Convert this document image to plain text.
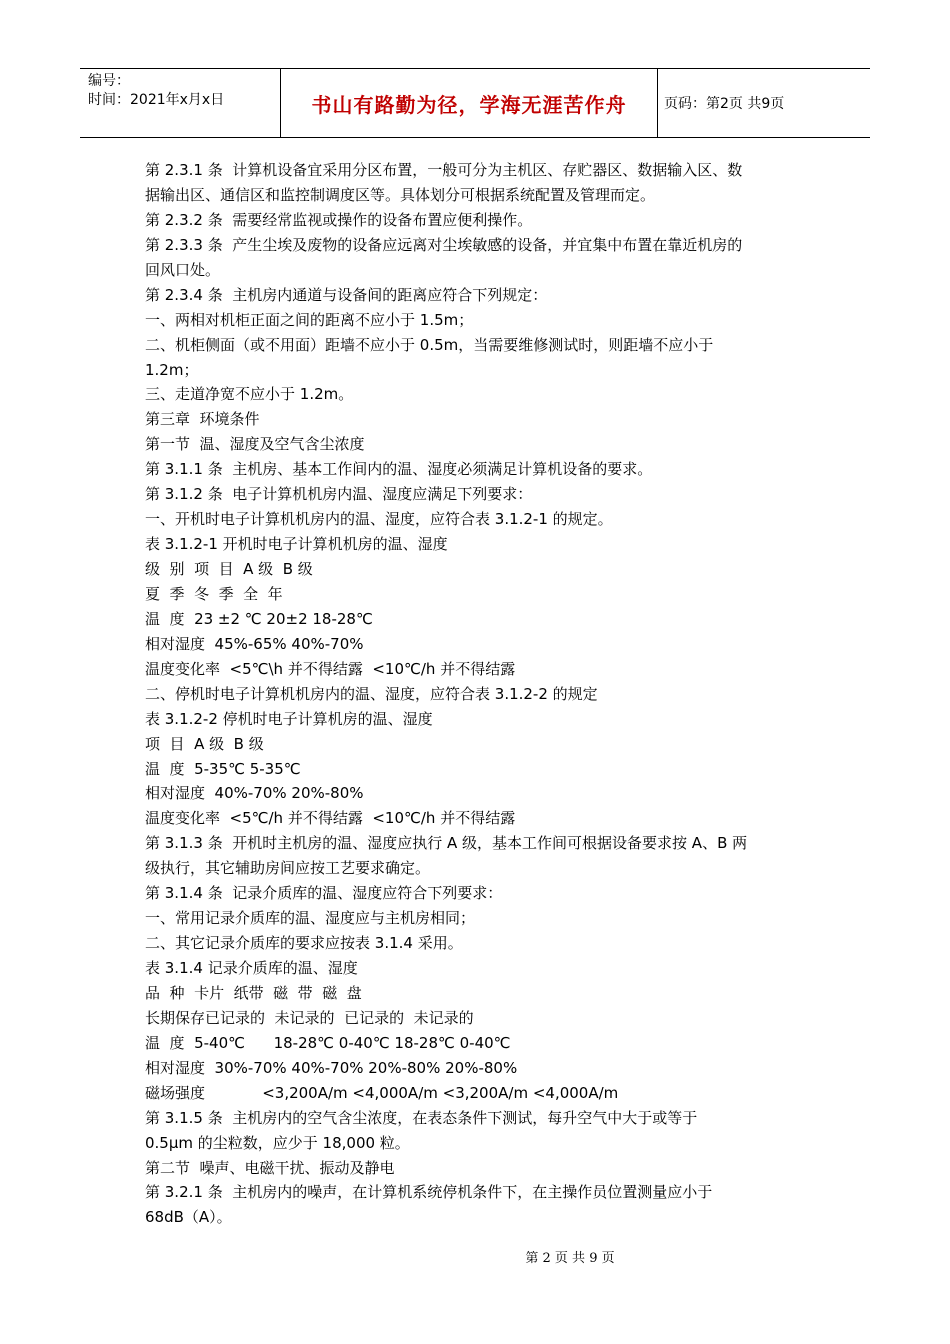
编号：
时间：2021年x月x日	书山有路勤为径，学海无涯苦作舟	页码：第2页 共9页
第 2.3.1 条  计算机设备宜采用分区布置，一般可分为主机区、存贮器区、数据输入区、数
据输出区、通信区和监控制调度区等。具体划分可根据系统配置及管理而定。
第 2.3.2 条  需要经常监视或操作的设备布置应便利操作。
第 2.3.3 条  产生尘埃及废物的设备应远离对尘埃敏感的设备，并宜集中布置在靠近机房的
回风口处。
第 2.3.4 条  主机房内通道与设备间的距离应符合下列规定：
一、两相对机柜正面之间的距离不应小于 1.5m；
二、机柜侧面（或不用面）距墙不应小于 0.5m，当需要维修测试时，则距墙不应小于
1.2m；
三、走道净宽不应小于 1.2m。
第三章  环境条件
第一节  温、湿度及空气含尘浓度
第 3.1.1 条  主机房、基本工作间内的温、湿度必须满足计算机设备的要求。
第 3.1.2 条  电子计算机机房内温、湿度应满足下列要求：
一、开机时电子计算机机房内的温、湿度，应符合表 3.1.2-1 的规定。
表 3.1.2-1 开机时电子计算机机房的温、湿度
级  别  项  目  A 级  B 级
夏  季  冬  季  全  年
温  度  23 ±2 ℃ 20±2 18-28℃
相对湿度  45%-65% 40%-70%
温度变化率  <5℃\h 并不得结露  <10℃/h 并不得结露
二、停机时电子计算机机房内的温、湿度，应符合表 3.1.2-2 的规定
表 3.1.2-2 停机时电子计算机房的温、湿度
项  目  A 级  B 级
温  度  5-35℃ 5-35℃
相对湿度  40%-70% 20%-80%
温度变化率  <5℃/h 并不得结露  <10℃/h 并不得结露
第 3.1.3 条  开机时主机房的温、湿度应执行 A 级，基本工作间可根据设备要求按 A、B 两
级执行，其它辅助房间应按工艺要求确定。
第 3.1.4 条  记录介质库的温、湿度应符合下列要求：
一、常用记录介质库的温、湿度应与主机房相同；
二、其它记录介质库的要求应按表 3.1.4 采用。
表 3.1.4 记录介质库的温、湿度
品  种  卡片  纸带  磁  带  磁  盘
长期保存已记录的  未记录的  已记录的  未记录的
温  度  5-40℃      18-28℃ 0-40℃ 18-28℃ 0-40℃
相对湿度  30%-70% 40%-70% 20%-80% 20%-80%
磁场强度            <3,200A/m <4,000A/m <3,200A/m <4,000A/m
第 3.1.5 条  主机房内的空气含尘浓度，在表态条件下测试，每升空气中大于或等于
0.5μm 的尘粒数，应少于 18,000 粒。
第二节  噪声、电磁干扰、振动及静电
第 3.2.1 条  主机房内的噪声，在计算机系统停机条件下，在主操作员位置测量应小于
68dB（A）。
第 2 页 共 9 页
